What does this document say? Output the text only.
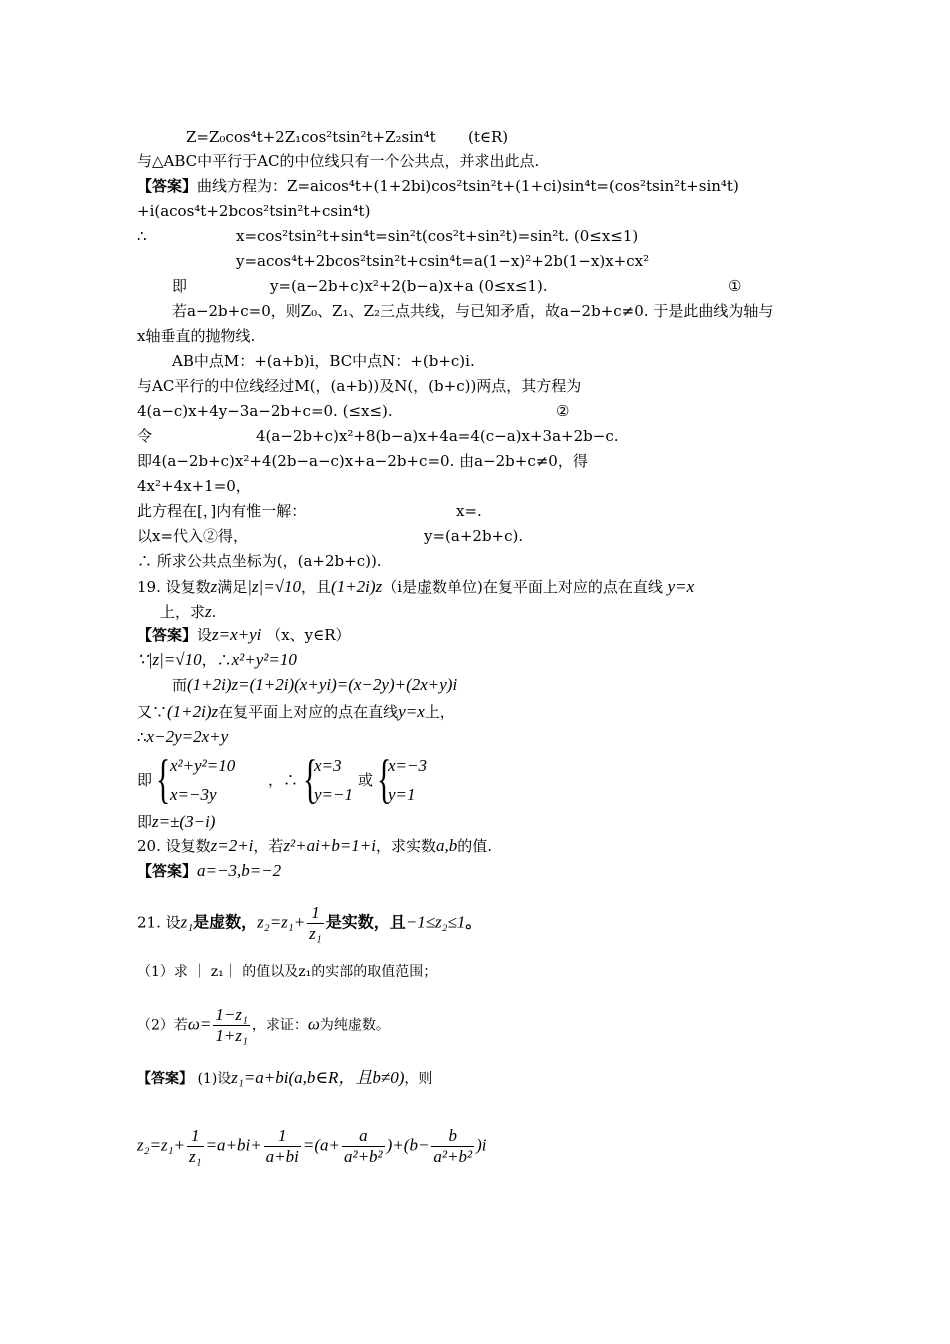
Z=Z₀cos⁴t+2Z₁cos²tsin²t+Z₂sin⁴t (t∈R)
与△ABC中平行于AC的中位线只有一个公共点，并求出此点.
【答案】曲线方程为：Z=aicos⁴t+(1+2bi)cos²tsin²t+(1+ci)sin⁴t=(cos²tsin²t+sin⁴t)
+i(acos⁴t+2bcos²tsin²t+csin⁴t)
∴	x=cos²tsin²t+sin⁴t=sin²t(cos²t+sin²t)=sin²t. (0≤x≤1)
y=acos⁴t+2bcos²tsin²t+csin⁴t=a(1−x)²+2b(1−x)x+cx²
即	y=(a−2b+c)x²+2(b−a)x+a (0≤x≤1).	①
若a−2b+c=0，则Z₀、Z₁、Z₂三点共线，与已知矛盾，故a−2b+c≠0. 于是此曲线为轴与
x轴垂直的抛物线.
AB中点M：+(a+b)i，BC中点N：+(b+c)i.
与AC平行的中位线经过M(，(a+b))及N(，(b+c))两点，其方程为
4(a−c)x+4y−3a−2b+c=0. (≤x≤).	②
令	4(a−2b+c)x²+8(b−a)x+4a=4(c−a)x+3a+2b−c.
即4(a−2b+c)x²+4(2b−a−c)x+a−2b+c=0. 由a−2b+c≠0，得
4x²+4x+1=0，
此方程在[，]内有惟一解：	x=.
以x=代入②得，	y=(a+2b+c).
∴ 所求公共点坐标为(，(a+2b+c)).
19. 设复数z满足|z|=√10，且(1+2i)z（i是虚数单位)在复平面上对应的点在直线 y=x
上，求z.
【答案】设z=x+yi （x、y∈R）
∵|z|=√10，∴x²+y²=10
而(1+2i)z=(1+2i)(x+yi)=(x−2y)+(2x+y)i
又∵(1+2i)z在复平面上对应的点在直线y=x上，
∴x−2y=2x+y
即 { x²+y²=10
x=−3y
，∴ {
x=3
y=−1
或 {
x=−3
y=1
即z=±(3−i)
20. 设复数z=2+i，若z²+ai+b=1+i，求实数a,b的值.
【答案】a=−3,b=−2
21. 设z₁是虚数，$z_2=z_1+ \frac{1}{\text{z₁}}$ 是实数，且−1≤z₂≤1。
（1）求 ｜ z₁｜ 的值以及z₁的实部的取值范围；
（2）若$\omega= \frac{\text{1−z₁}}{\text{1+z₁}}$ ，求证：ω为纯虚数。
【答案】 (1)设z₁=a+bi(a,b∈R，且b≠0)，则
$z_2=z_1+ \frac{1}{\text{z₁}} =a+bi+ \frac{1}{a+bi} =(a+ \frac{a}{\text{a²+b²}} )+(b- \frac{b}{\text{a²+b²}} )i$
